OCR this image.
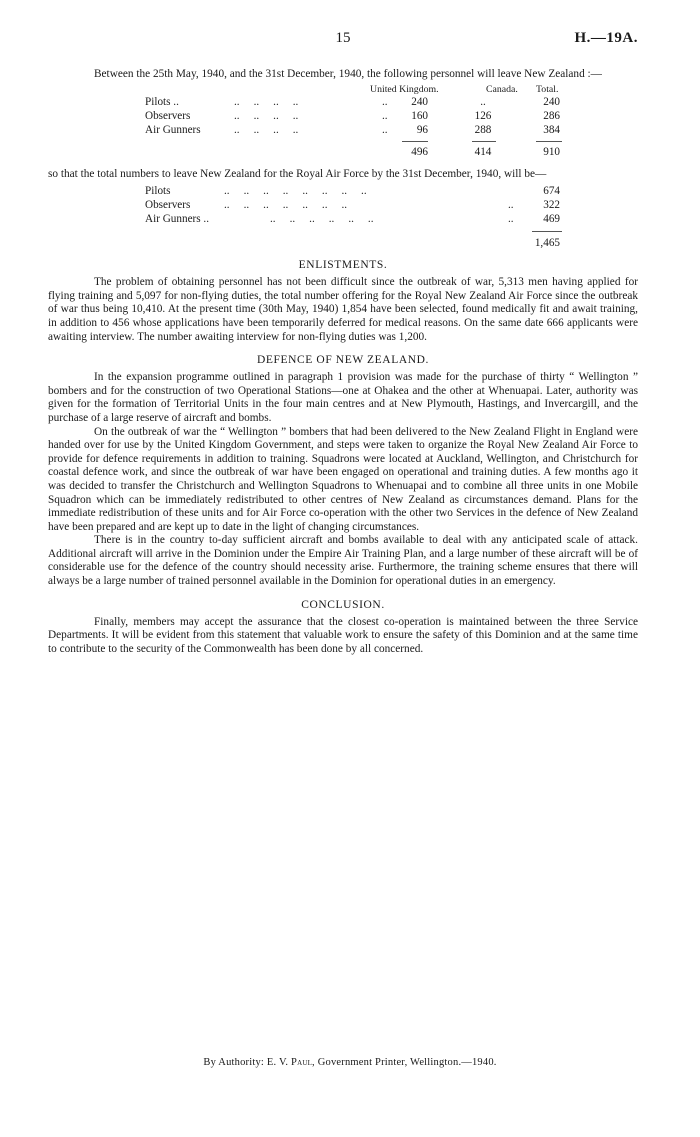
15	H.—19A.

Between the 25th May, 1940, and the 31st December, 1940, the following personnel will leave New Zealand :—

United Kingdom.	Canada. Total.
Pilots ..	..     ..     ..     ..	..	240	..	240
Observers	..     ..     ..     ..	..	160	126	286
Air Gunners	..     ..     ..     ..	..	96	288	384
496	414	910

so that the total numbers to leave New Zealand for the Royal Air Force by the 31st December, 1940, will be—

Pilots	..     ..     ..     ..     ..     ..     ..     ..	674
Observers	..     ..     ..     ..     ..     ..     ..	..	322
Air Gunners ..	..     ..     ..     ..     ..     ..	..	469
1,465
ENLISTMENTS.

The problem of obtaining personnel has not been difficult since the outbreak of war, 5,313 men having applied for flying training and 5,097 for non-flying duties, the total number offering for the Royal New Zealand Air Force since the outbreak of war thus being 10,410. At the present time (30th May, 1940) 1,854 have been selected, found medically fit and await training, in addition to 456 whose applications have been temporarily deferred for medical reasons. On the same date 666 applicants were awaiting interview. The number awaiting interview for non-flying duties was 1,200.

DEFENCE OF NEW ZEALAND.

In the expansion programme outlined in paragraph 1 provision was made for the purchase of thirty “ Wellington ” bombers and for the construction of two Operational Stations—one at Ohakea and the other at Whenuapai. Later, authority was given for the formation of Territorial Units in the four main centres and at New Plymouth, Hastings, and Invercargill, and the purchase of a large reserve of aircraft and bombs.

On the outbreak of war the “ Wellington ” bombers that had been delivered to the New Zealand Flight in England were handed over for use by the United Kingdom Government, and steps were taken to organize the Royal New Zealand Air Force to provide for defence requirements in addition to training. Squadrons were located at Auckland, Wellington, and Christchurch for coastal defence work, and since the outbreak of war have been engaged on operational and training duties. A few months ago it was decided to transfer the Christchurch and Wellington Squadrons to Whenuapai and to combine all three units in one Mobile Squadron which can be immediately redistributed to other centres of New Zealand as circumstances demand. Plans for the immediate redistribution of these units and for Air Force co-operation with the other two Services in the defence of New Zealand have been prepared and are kept up to date in the light of changing circumstances.

There is in the country to-day sufficient aircraft and bombs available to deal with any anticipated scale of attack. Additional aircraft will arrive in the Dominion under the Empire Air Training Plan, and a large number of these aircraft will be of considerable use for the defence of the country should necessity arise. Furthermore, the training scheme ensures that there will always be a large number of trained personnel available in the Dominion for operational duties in an emergency.

CONCLUSION.

Finally, members may accept the assurance that the closest co-operation is maintained between the three Service Departments. It will be evident from this statement that valuable work to ensure the safety of this Dominion and at the same time to contribute to the security of the Commonwealth has been done by all concerned.

By Authority: E. V. Paul, Government Printer, Wellington.—1940.
